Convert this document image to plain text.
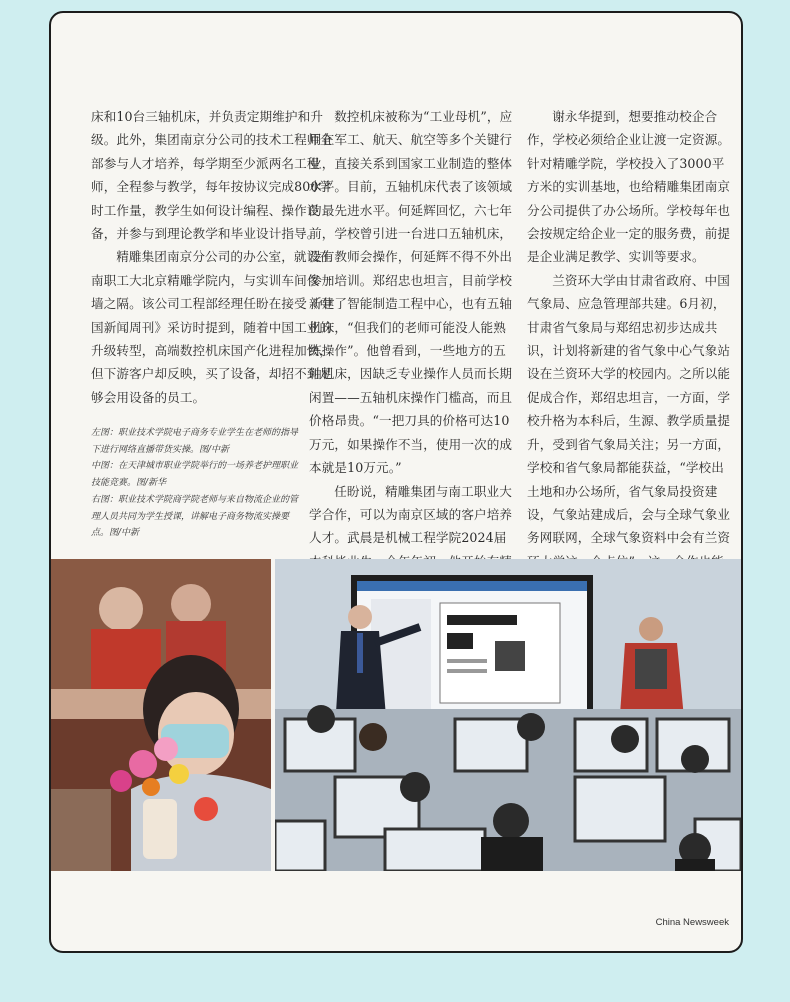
床和10台三轴机床，并负责定期维护和升级。此外，集团南京分公司的技术工程师全部参与人才培养，每学期至少派两名工程师，全程参与教学，每年按协议完成800学时工作量，教学生如何设计编程、操作设备，并参与到理论教学和毕业设计指导。

精雕集团南京分公司的办公室，就设在南职工大北京精雕学院内，与实训车间仅一墙之隔。该公司工程部经理任盼在接受《中国新闻周刊》采访时提到，随着中国工业的升级转型，高端数控机床国产化进程加快，但下游客户却反映，买了设备，却招不到足够会用设备的员工。

左图：职业技术学院电子商务专业学生在老师的指导下进行网络直播带货实操。图/中新

中图：在天津城市职业学院举行的一场养老护理职业技能竞赛。图/新华

右图：职业技术学院商学院老师与来自物流企业的管理人员共同为学生授课，讲解电子商务物流实操要点。图/中新

数控机床被称为“工业母机”，应用在军工、航天、航空等多个关键行业，直接关系到国家工业制造的整体水平。目前，五轴机床代表了该领域的最先进水平。何延辉回忆，六七年前，学校曾引进一台进口五轴机床，没有教师会操作，何延辉不得不外出参加培训。郑绍忠也坦言，目前学校新建了智能制造工程中心，也有五轴机床，“但我们的老师可能没人能熟练操作”。他曾看到，一些地方的五轴机床，因缺乏专业操作人员而长期闲置——五轴机床操作门槛高，而且价格昂贵。“一把刀具的价格可达10万元，如果操作不当，使用一次的成本就是10万元。”

任盼说，精雕集团与南工职业大学合作，可以为南京区域的客户培养人才。武晨是机械工程学院2024届

谢永华提到，想要推动校企合作，学校必须给企业让渡一定资源。针对精雕学院，学校投入了3000平方米的实训基地，也给精雕集团南京分公司提供了办公场所。学校每年也会按规定给企业一定的服务费，前提是企业满足教学、实训等要求。

兰资环大学由甘肃省政府、中国气象局、应急管理部共建。6月初，甘肃省气象局与郑绍忠初步达成共识，计划将新建的省气象中心气象站设在兰资环大学的校园内。之所以能促成合作，郑绍忠坦言，一方面，学校升格为本科后，生源、教学质量提升，受到省气象局关注；另一方面，学校和省气象局都能获益，“学校出土地和办公场所，省气象局投资建设，气象站建成后，会与全球气象业务网联网，全球气象资料中会有兰资

China Newsweek
